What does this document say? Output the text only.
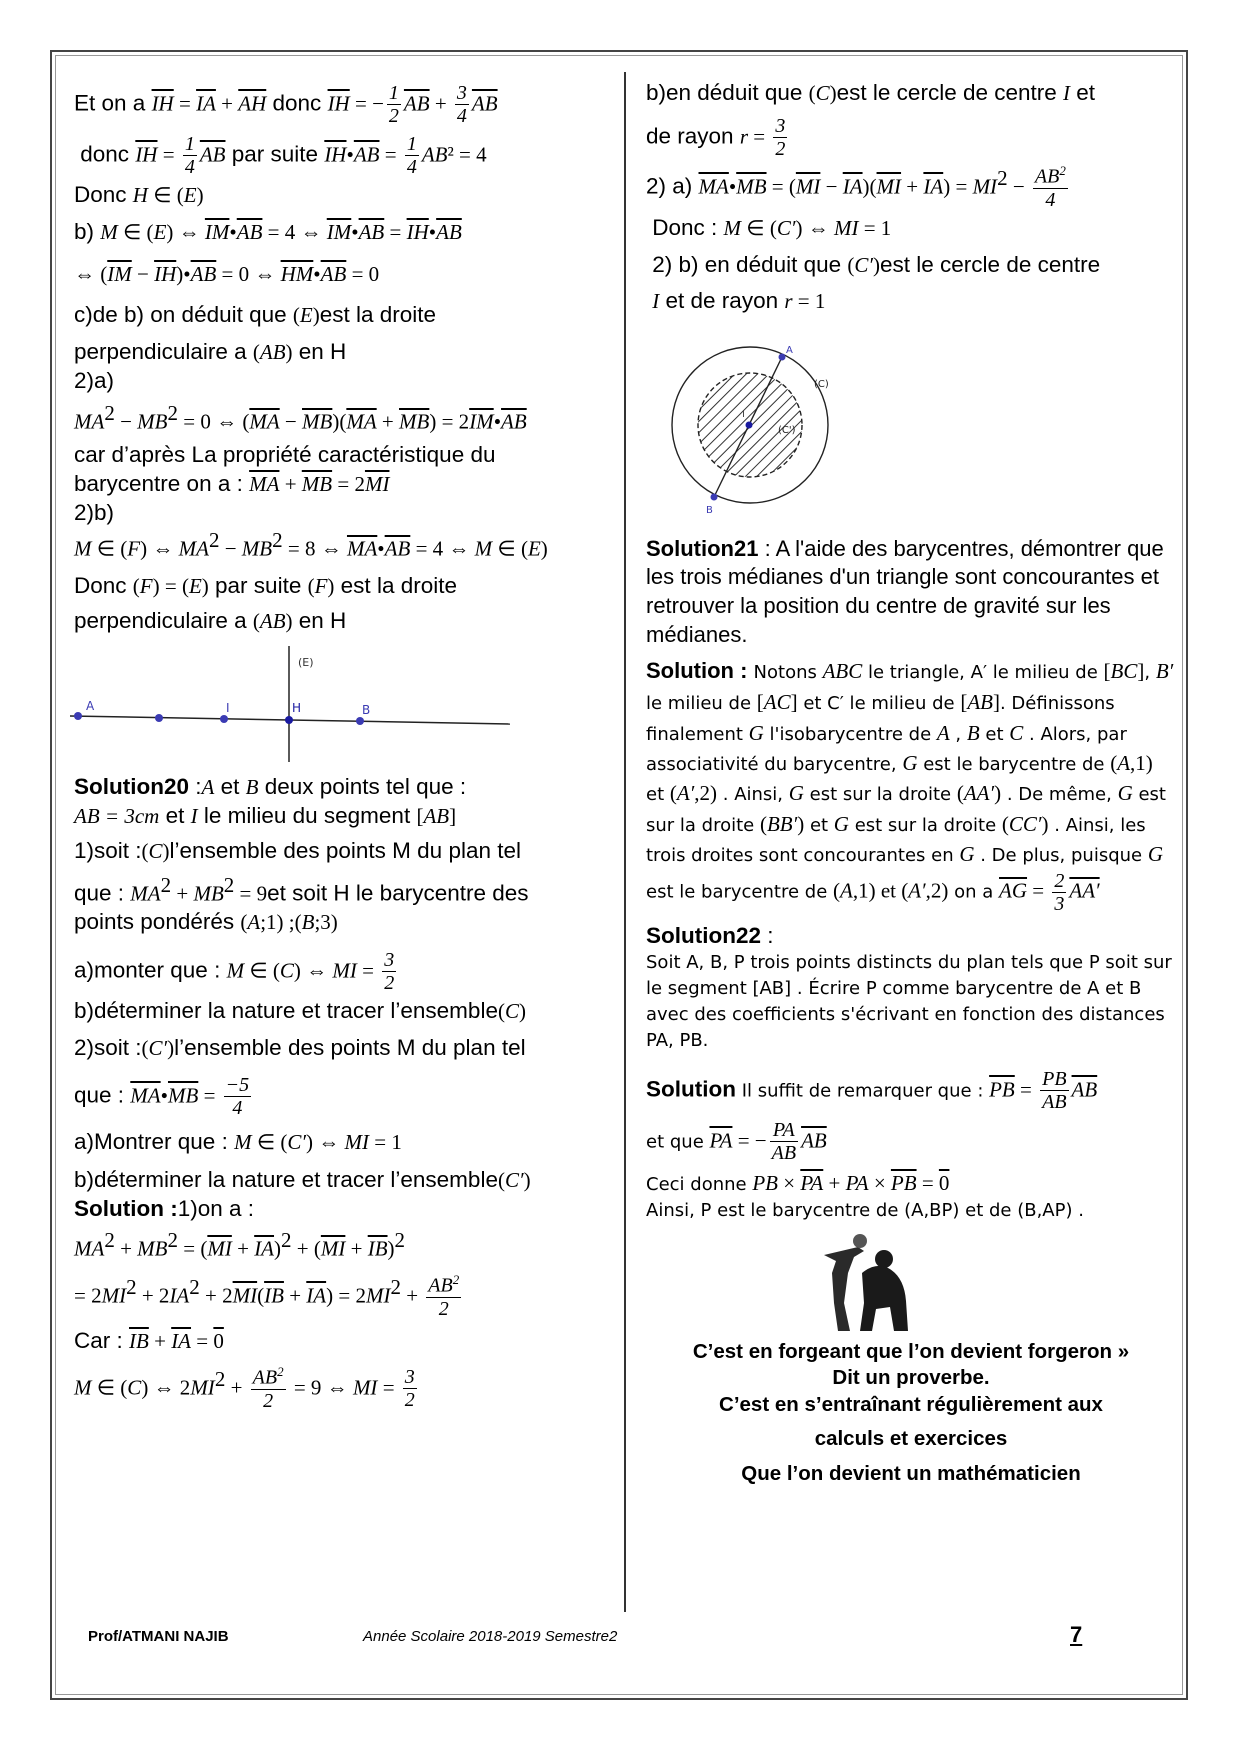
Et on a $\overline{IH} = \overline{IA} + \overline{AH}$ donc $\overline{IH}$ = − $\frac{1}{2} \overline{AB} + \frac{3}{4} \overline{AB}$

donc $\overline{IH} = \frac{1}{4} \overline{AB}$ par suite $\overline{IH}•\overline{AB} = \frac{1}{4} AB^2 = 4$

Donc H ∈ (E)

b) M ∈ (E) ⇔ $\overline{IM}•\overline{AB} = 4$ ⇔ $\overline{IM}•\overline{AB}$ = $\overline{IH}•\overline{AB}$

⇔ ($\overline{IM}$ − $\overline{IH})•\overline{AB} = 0$ ⇔ $\overline{HM}•\overline{AB} = 0$

c)de b) on déduit que (E)est la droite

perpendiculaire a (AB) en H

2)a)

$MA^2 - MB^2 = 0$ ⇔ $(\overline{MA} - \overline{MB})(\overline{MA} + \overline{MB})$ = $2\overline{IM}•\overline{AB}$

car d’après La propriété caractéristique du

barycentre on a : $\overline{MA} + \overline{MB} = 2\overline{MI}$

2)b)

M ∈ (F) ⇔ $MA^2 - MB^2 = 8$ ⇔ $\overline{MA}•\overline{AB} = 4$ ⇔ M ∈ (E)

Donc (F) = (E) par suite (F) est la droite

perpendiculaire a (AB) en H

(E)
A	I	H	B

Solution20 :A et B deux points tel que :

AB = 3cm et I le milieu du segment [AB]

1)soit :(C)l’ensemble des points M du plan tel

que : $MA^2 + MB^2 = 9et$ soit H le barycentre des

points pondérés (A;1) ;(B;3)

a)monter que : M ∈ (C) ⇔ MI = $\frac{3}{2}$

b)déterminer la nature et tracer l’ensemble(C)

2)soit :(C′)l’ensemble des points M du plan tel

que : $\overline{MA}•\overline{MB} = \frac{-5}{4}$

a)Montrer que : M ∈ (C′) ⇔ MI = 1

b)déterminer la nature et tracer l’ensemble(C′)

Solution :1)on a :

$MA^2 + MB^2 = (\overline{MI} + \overline{IA})^2 + (\overline{MI} + \overline{IB})^2$

= $2MI^2 + 2IA^2 + 2\overline{MI}(\overline{IB} + \overline{IA}) = 2MI^2 + \frac{AB^2}{2}$

Car : $\overline{IB} + \overline{IA} = 0$

M ∈ (C) ⇔ $2MI^2 + \frac{AB^2}{2} = 9$ ⇔ MI = $\frac{3}{2}$

b)en déduit que (C)est le cercle de centre I et

de rayon $r = \frac{3}{2}$

2) a) $\overline{MA}•\overline{MB} = (\overline{MI} - \overline{IA})(\overline{MI} + \overline{IA}) = MI^2 - \frac{AB^2}{4}$

Donc : M ∈ (C′) ⇔ MI = 1

2) b) en déduit que (C′)est le cercle de centre

I et de rayon r = 1

A
B
(C)
(C')
I

Solution21 : A l'aide des barycentres, démontrer que les trois médianes d'un triangle sont concourantes et retrouver la position du centre de gravité sur les médianes.

Solution : Notons ABC le triangle, A′ le milieu de [BC], B′ le milieu de [AC] et C′ le milieu de [AB]. Définissons finalement G l'isobarycentre de A , B et C . Alors, par associativité du barycentre, G est le barycentre de (A,1) et (A′,2) . Ainsi, G est sur la droite (AA′) . De même, G est sur la droite (BB′) et G est sur la droite (CC′) . Ainsi, les trois droites sont concourantes en G . De plus, puisque G est le barycentre de (A,1) et (A′,2) on a $\overline{AG} = \frac{2}{3} AA'$

Solution22 :

Soit A, B, P trois points distincts du plan tels que P soit sur le segment [AB] . Écrire P comme barycentre de A et B avec des coefficients s'écrivant en fonction des distances PA, PB.

Solution Il suffit de remarquer que : $\overline{PB} = \frac{PB}{AB} \overline{AB}$

et que $\overline{PA}$ = − $\frac{PA}{AB} \overline{AB}$

Ceci donne PB × $\overline{PA}$ + PA × $\overline{PB} = 0$

Ainsi, P est le barycentre de (A,BP) et de (B,AP) .
C’est en forgeant que l’on devient forgeron »
Dit un proverbe.
C’est en s’entraînant régulièrement aux
calculs et exercices
Que l’on devient un mathématicien
Prof/ATMANI NAJIB	Année Scolaire 2018-2019 Semestre2	7
